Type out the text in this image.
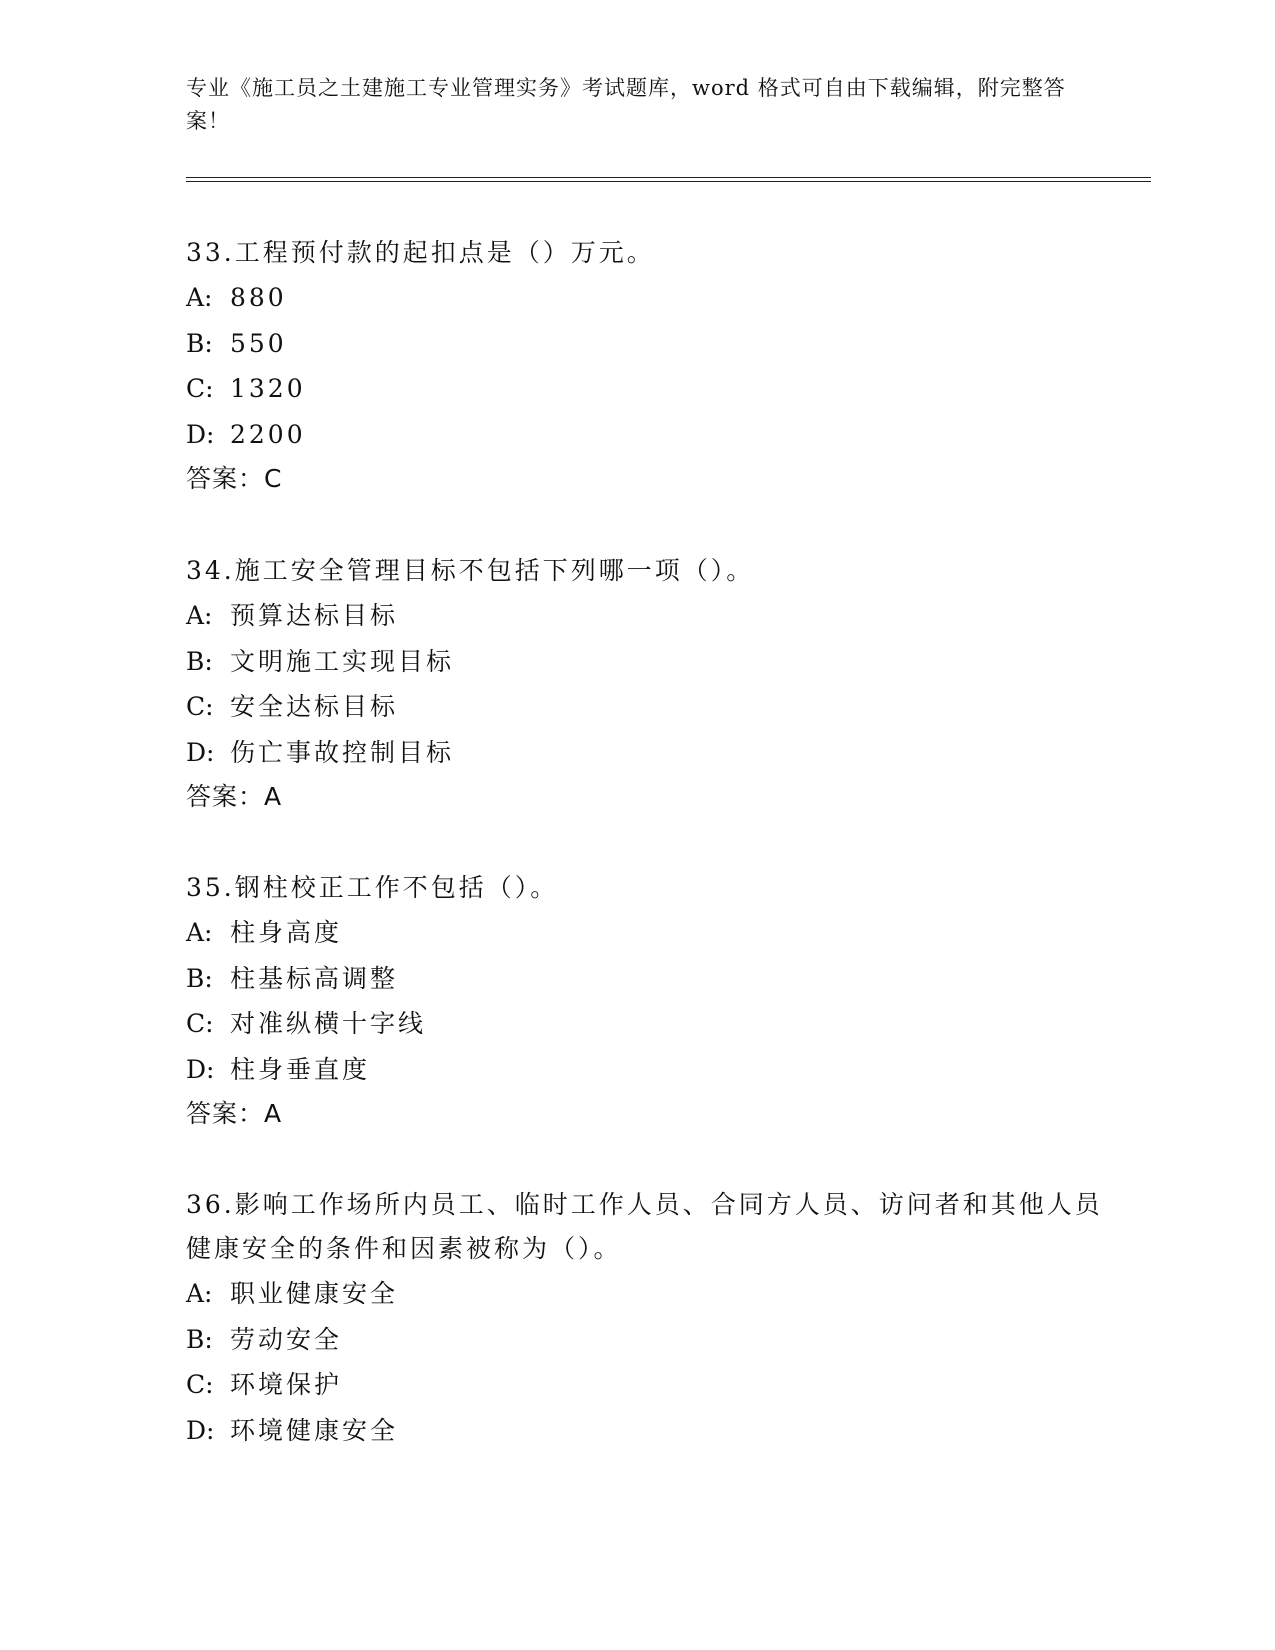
专业《施工员之土建施工专业管理实务》考试题库，word 格式可自由下载编辑，附完整答案！
33.工程预付款的起扣点是（）万元。
A: 880
B: 550
C: 1320
D: 2200
答案：C
34.施工安全管理目标不包括下列哪一项（）。
A: 预算达标目标
B: 文明施工实现目标
C: 安全达标目标
D: 伤亡事故控制目标
答案：A
35.钢柱校正工作不包括（）。
A: 柱身高度
B: 柱基标高调整
C: 对准纵横十字线
D: 柱身垂直度
答案：A
36.影响工作场所内员工、临时工作人员、合同方人员、访问者和其他人员健康安全的条件和因素被称为（）。
A: 职业健康安全
B: 劳动安全
C: 环境保护
D: 环境健康安全
